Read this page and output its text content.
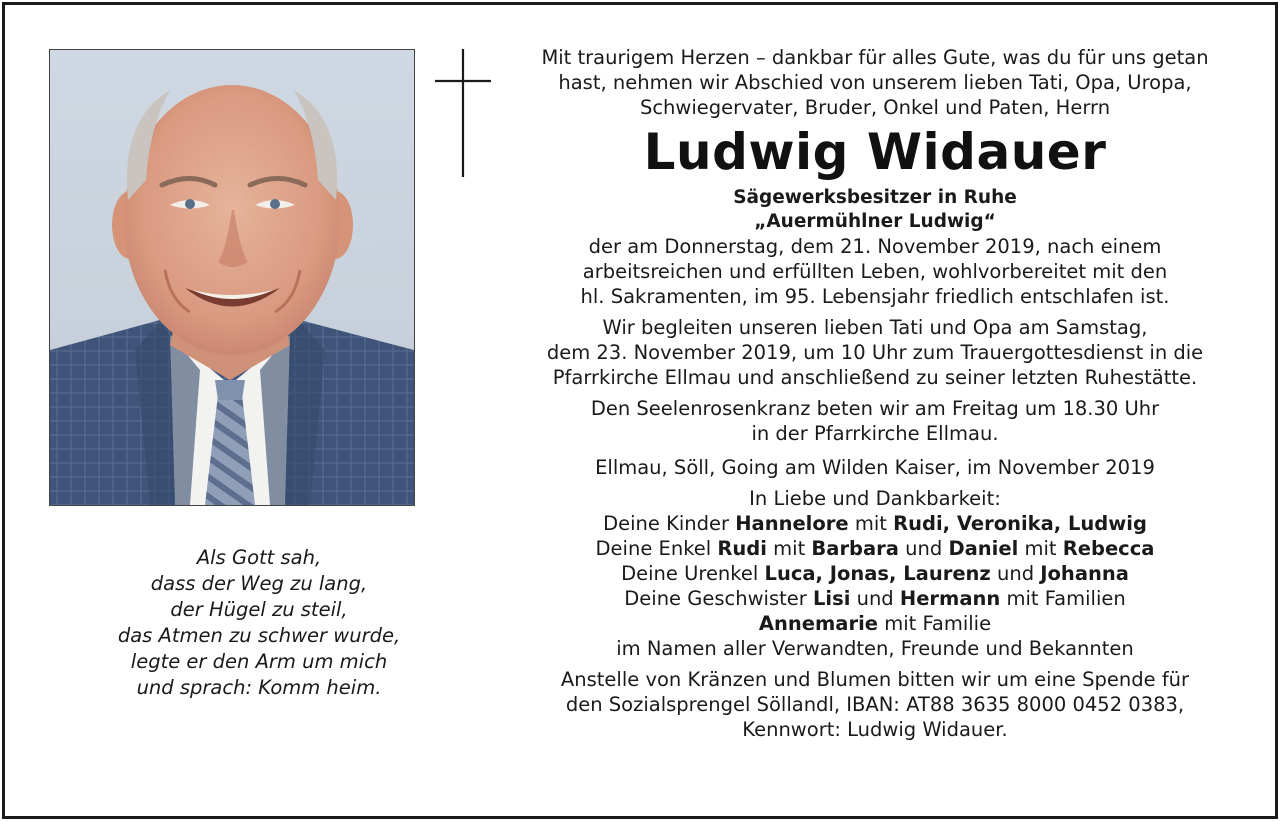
Als Gott sah,
dass der Weg zu lang,
der Hügel zu steil,
das Atmen zu schwer wurde,
legte er den Arm um mich
und sprach: Komm heim.
Mit traurigem Herzen – dankbar für alles Gute, was du für uns getan
hast, nehmen wir Abschied von unserem lieben Tati, Opa, Uropa,
Schwiegervater, Bruder, Onkel und Paten, Herrn
Ludwig Widauer
Sägewerksbesitzer in Ruhe
„Auermühlner Ludwig“
der am Donnerstag, dem 21. November 2019, nach einem
arbeitsreichen und erfüllten Leben, wohlvorbereitet mit den
hl. Sakramenten, im 95. Lebensjahr friedlich entschlafen ist.
Wir begleiten unseren lieben Tati und Opa am Samstag,
dem 23. November 2019, um 10 Uhr zum Trauergottesdienst in die
Pfarrkirche Ellmau und anschließend zu seiner letzten Ruhestätte.
Den Seelenrosenkranz beten wir am Freitag um 18.30 Uhr
in der Pfarrkirche Ellmau.
Ellmau, Söll, Going am Wilden Kaiser, im November 2019
In Liebe und Dankbarkeit:
Deine Kinder Hannelore mit Rudi, Veronika, Ludwig
Deine Enkel Rudi mit Barbara und Daniel mit Rebecca
Deine Urenkel Luca, Jonas, Laurenz und Johanna
Deine Geschwister Lisi und Hermann mit Familien
Annemarie mit Familie
im Namen aller Verwandten, Freunde und Bekannten
Anstelle von Kränzen und Blumen bitten wir um eine Spende für
den Sozialsprengel Söllandl, IBAN: AT88 3635 8000 0452 0383,
Kennwort: Ludwig Widauer.
